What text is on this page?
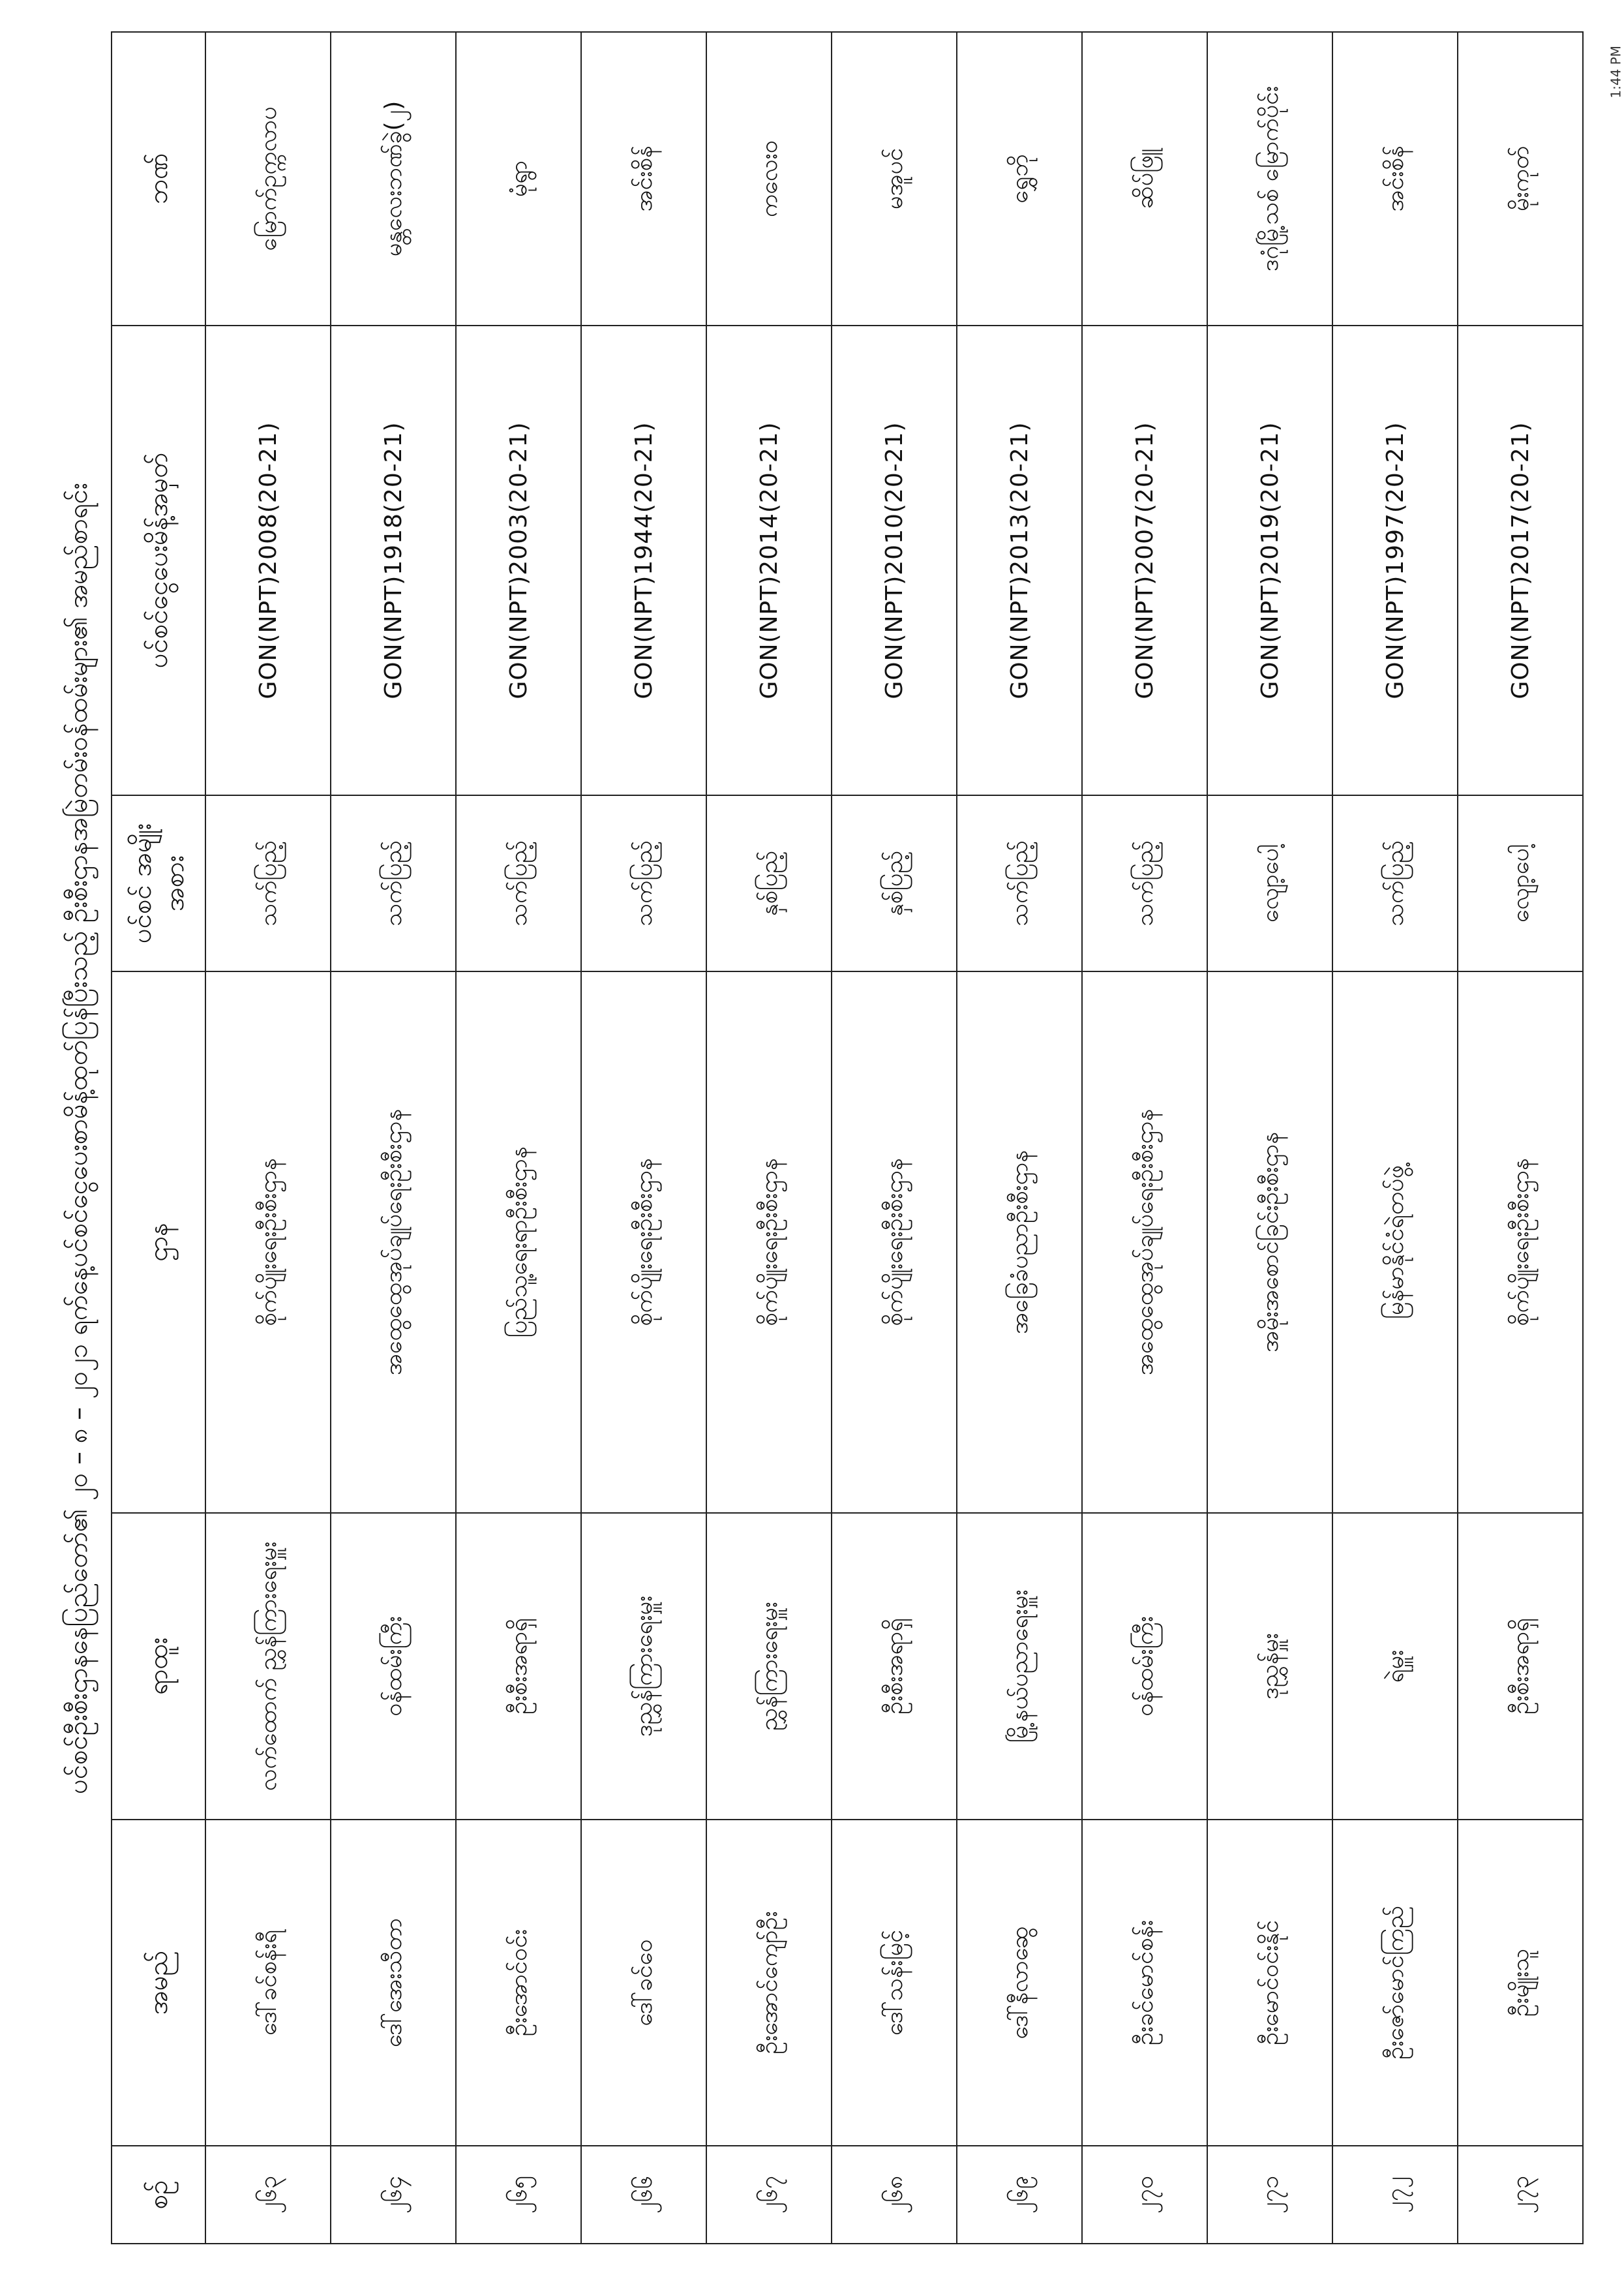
1:44 PM
ပင်စင်ဦးစီးဌာနနေပြည်တော်၏ ၂၀ – ၈ – ၂၀၂၁ ရက်နေ့ပင်စင်ငွေပေးစာမိန့်ထုတ်ပြန်ပြီးသည့် ဦးစီးဌာနအမြဲတမ်းဝန်ထမ်းများ၏ အမည်စာရင်း
စဉ်	အမည်	ရာထူး	ဌာန	ပင်စင် အမျိုးအစား	ပင်စင်ငွေပေးမိန့်အမှတ်	ဘဏ်
၂၆၃	ဒေါ်ခင်စန်းရီ	လက်ထောက် ညွှန်ကြားရေးမှူး	စိုက်ပျိုးရေးဦးစီးဌာန	သက်ပြည့်	GON(NPT)2008(20-21)	မြောက်ဥက္ကလာပ
၂၆၄	ဒေါ်အေးသီတာ	ဝန်ထမ်းကြီး	အထွေထွေအုပ်ချုပ်ရေးဦးစီးဌာန	သက်ပြည့်	GON(NPT)1918(20-21)	မန္တလေးဘဏ်ခွဲ(၂)
၂၆၅	ဦးအောင်ဝင်း	ဦးစီးအရာရှိ	ပြည်သူ့ရေးရာဦးစီးဌာန	သက်ပြည့်	GON(NPT)2003(20-21)	မုံရွာ
၂၆၆	ဒေါ်ခင်ဝေ	ဒုညွှန်ကြားရေးမှူး	စိုက်ပျိုးရေးဦးစီးဌာန	သက်ပြည့်	GON(NPT)1944(20-21)	အင်းစိန်
၂၆၇	ဦးအောင်ကျော်ဦး	ညွှန်ကြားရေးမှူး	စိုက်ပျိုးရေးဦးစီးဌာန	နှစ်ပြည့်	GON(NPT)2014(20-21)	ကလေးဝ
၂၆၈	ဒေါ်သန်းမြင့်	ဦးစီးအရာရှိ	စိုက်ပျိုးရေးဦးစီးဌာန	နှစ်ပြည့်	GON(NPT)2010(20-21)	မအူပင်
၂၆၉	ဒေါ်နီလာဆွေ	မြို့နယ်ပညာရေးမှူး	အခြေခံပညာဦးစီးဌာန	သက်ပြည့်	GON(NPT)2013(20-21)	ရွှေဘို
၂၇၀	ဦးခင်မောင်စန်း	ဝန်ထမ်းကြီး	အထွေထွေအုပ်ချုပ်ရေးဦးစီးဌာန	သက်ပြည့်	GON(NPT)2007(20-21)	ဆိပ်ဖြူ
၂၇၁	ဦးမောင်ဝင်းနိုင်	ဒုညွှန်မှူး	အမိုးအစောင်ခြင်းဦးစီးဌာန	လျော့ပေါ့	GON(NPT)2019(20-21)	ဒဂုံမြို့သစ် မြောက်ပိုင်း
၂၇၂	ဦးဇော်မောင်ကြည်	ရဲမှူး	မြန်မာနိုင်ငံရဲတပ်ဖွဲ့	သက်ပြည့်	GON(NPT)1997(20-21)	အင်းစိန်
၂၇၃	ဦးမျိုးသူ	ဦးစီးအရာရှိ	စိုက်ပျိုးရေးဦးစီးဌာန	လျော့ပေါ့	GON(NPT)2017(20-21)	မိုးကုတ်
